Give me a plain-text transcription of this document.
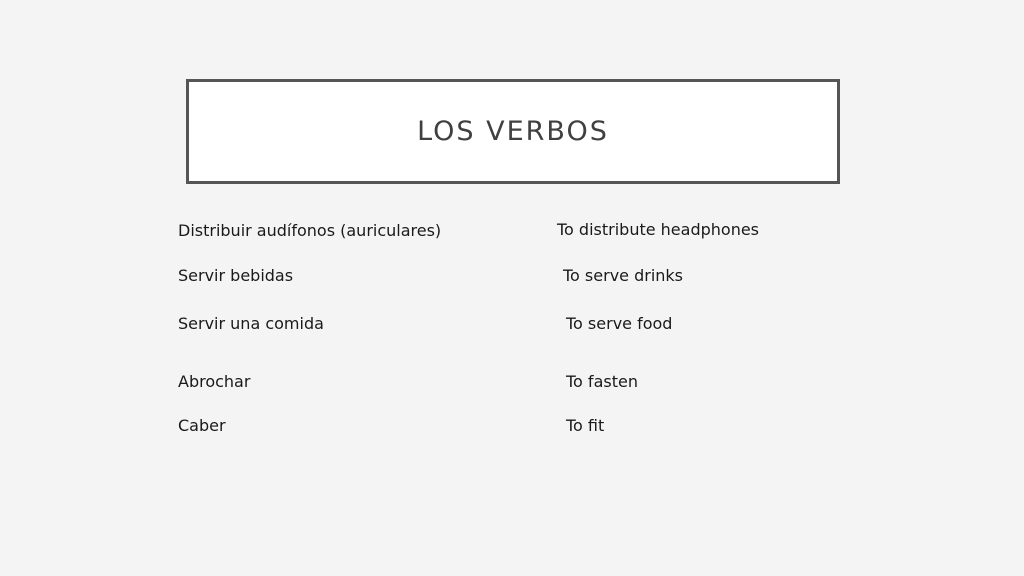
LOS VERBOS
Distribuir audífonos (auriculares)	To distribute headphones
Servir bebidas	To serve drinks
Servir una comida	To serve food
Abrochar	To fasten
Caber	To fit
